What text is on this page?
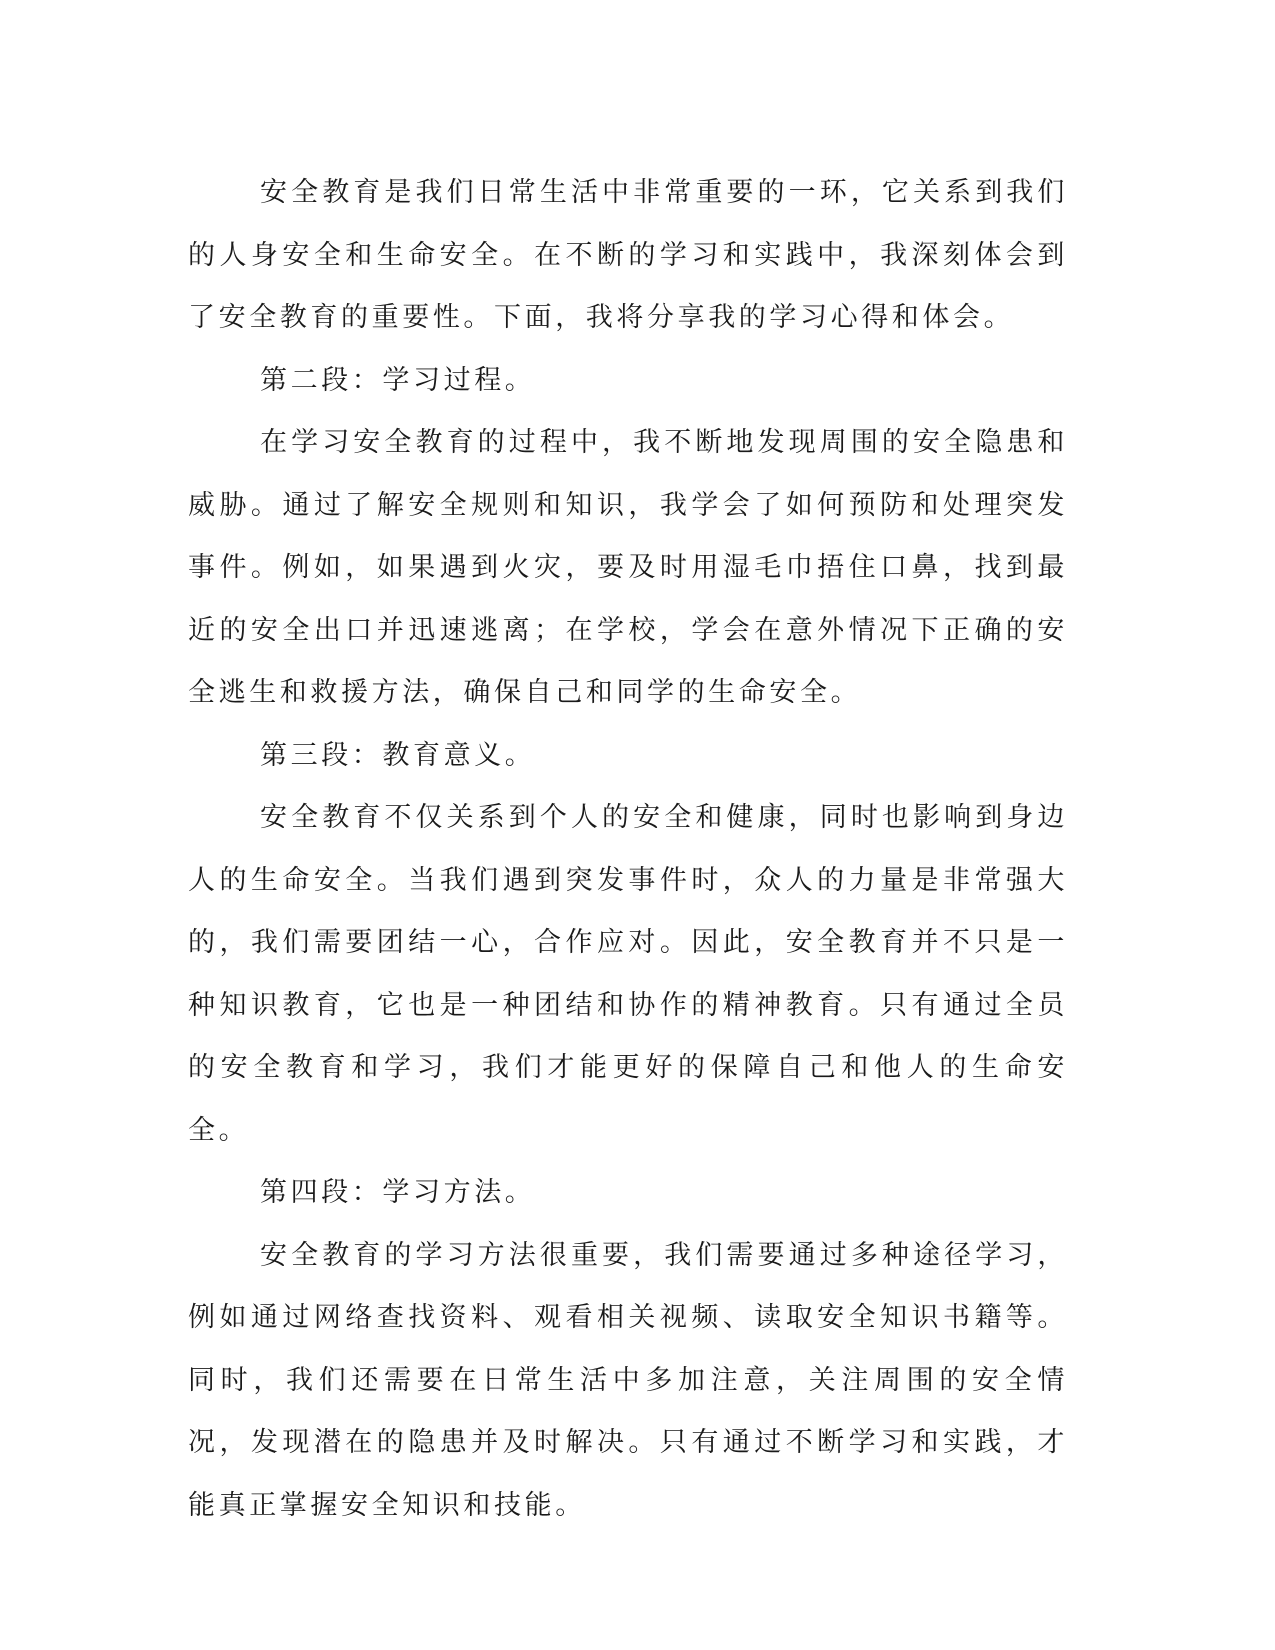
安全教育是我们日常生活中非常重要的一环，它关系到我们的人身安全和生命安全。在不断的学习和实践中，我深刻体会到了安全教育的重要性。下面，我将分享我的学习心得和体会。

第二段：学习过程。

在学习安全教育的过程中，我不断地发现周围的安全隐患和威胁。通过了解安全规则和知识，我学会了如何预防和处理突发事件。例如，如果遇到火灾，要及时用湿毛巾捂住口鼻，找到最近的安全出口并迅速逃离；在学校，学会在意外情况下正确的安全逃生和救援方法，确保自己和同学的生命安全。

第三段：教育意义。

安全教育不仅关系到个人的安全和健康，同时也影响到身边人的生命安全。当我们遇到突发事件时，众人的力量是非常强大的，我们需要团结一心，合作应对。因此，安全教育并不只是一种知识教育，它也是一种团结和协作的精神教育。只有通过全员的安全教育和学习，我们才能更好的保障自己和他人的生命安全。

第四段：学习方法。

安全教育的学习方法很重要，我们需要通过多种途径学习，例如通过网络查找资料、观看相关视频、读取安全知识书籍等。同时，我们还需要在日常生活中多加注意，关注周围的安全情况，发现潜在的隐患并及时解决。只有通过不断学习和实践，才能真正掌握安全知识和技能。
